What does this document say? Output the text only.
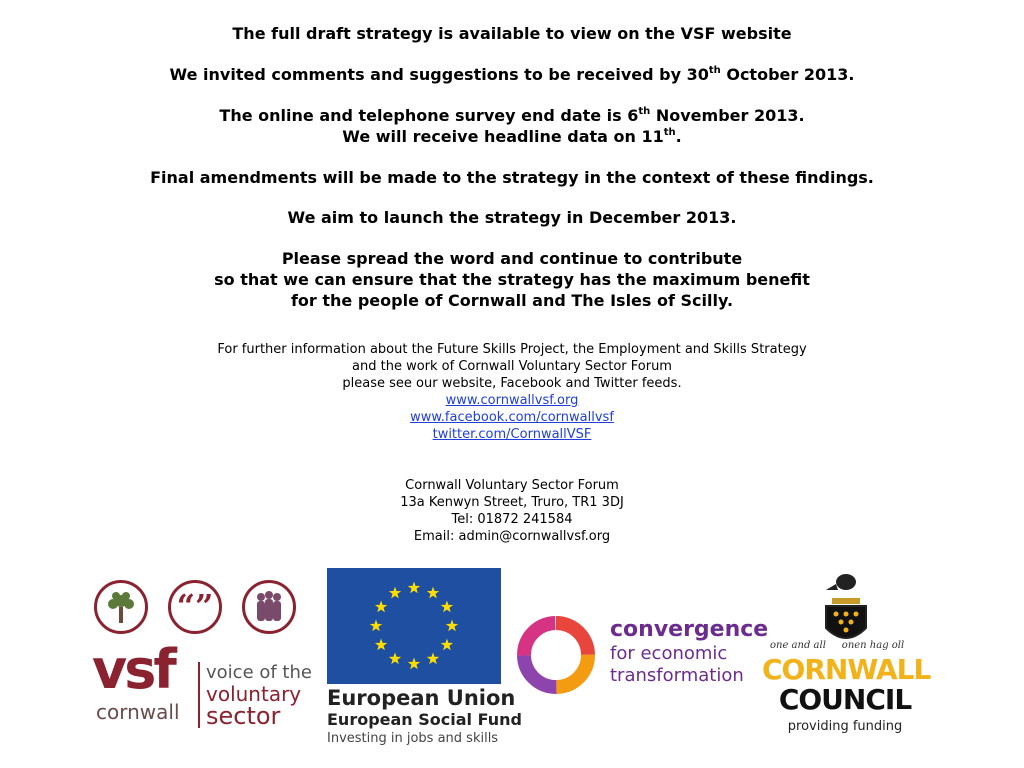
The full draft strategy is available to view on the VSF website
We invited comments and suggestions to be received by 30th October 2013.
The online and telephone survey end date is 6th November 2013.
We will receive headline data on 11th.
Final amendments will be made to the strategy in the context of these findings.
We aim to launch the strategy in December 2013.
Please spread the word and continue to contribute
so that we can ensure that the strategy has the maximum benefit
for the people of Cornwall and The Isles of Scilly.
For further information about the Future Skills Project, the Employment and Skills Strategy
and the work of Cornwall Voluntary Sector Forum
please see our website, Facebook and Twitter feeds.
www.cornwallvsf.org
www.facebook.com/cornwallvsf
twitter.com/CornwallVSF
Cornwall Voluntary Sector Forum
13a Kenwyn Street, Truro, TR1 3DJ
Tel: 01872 241584
Email: admin@cornwallvsf.org
“”
vsf
cornwall
voice of the
voluntary
sector
European Union
European Social Fund
Investing in jobs and skills
convergence
for economic
transformation
one and all     onen hag oll
CORNWALL
COUNCIL
providing funding
